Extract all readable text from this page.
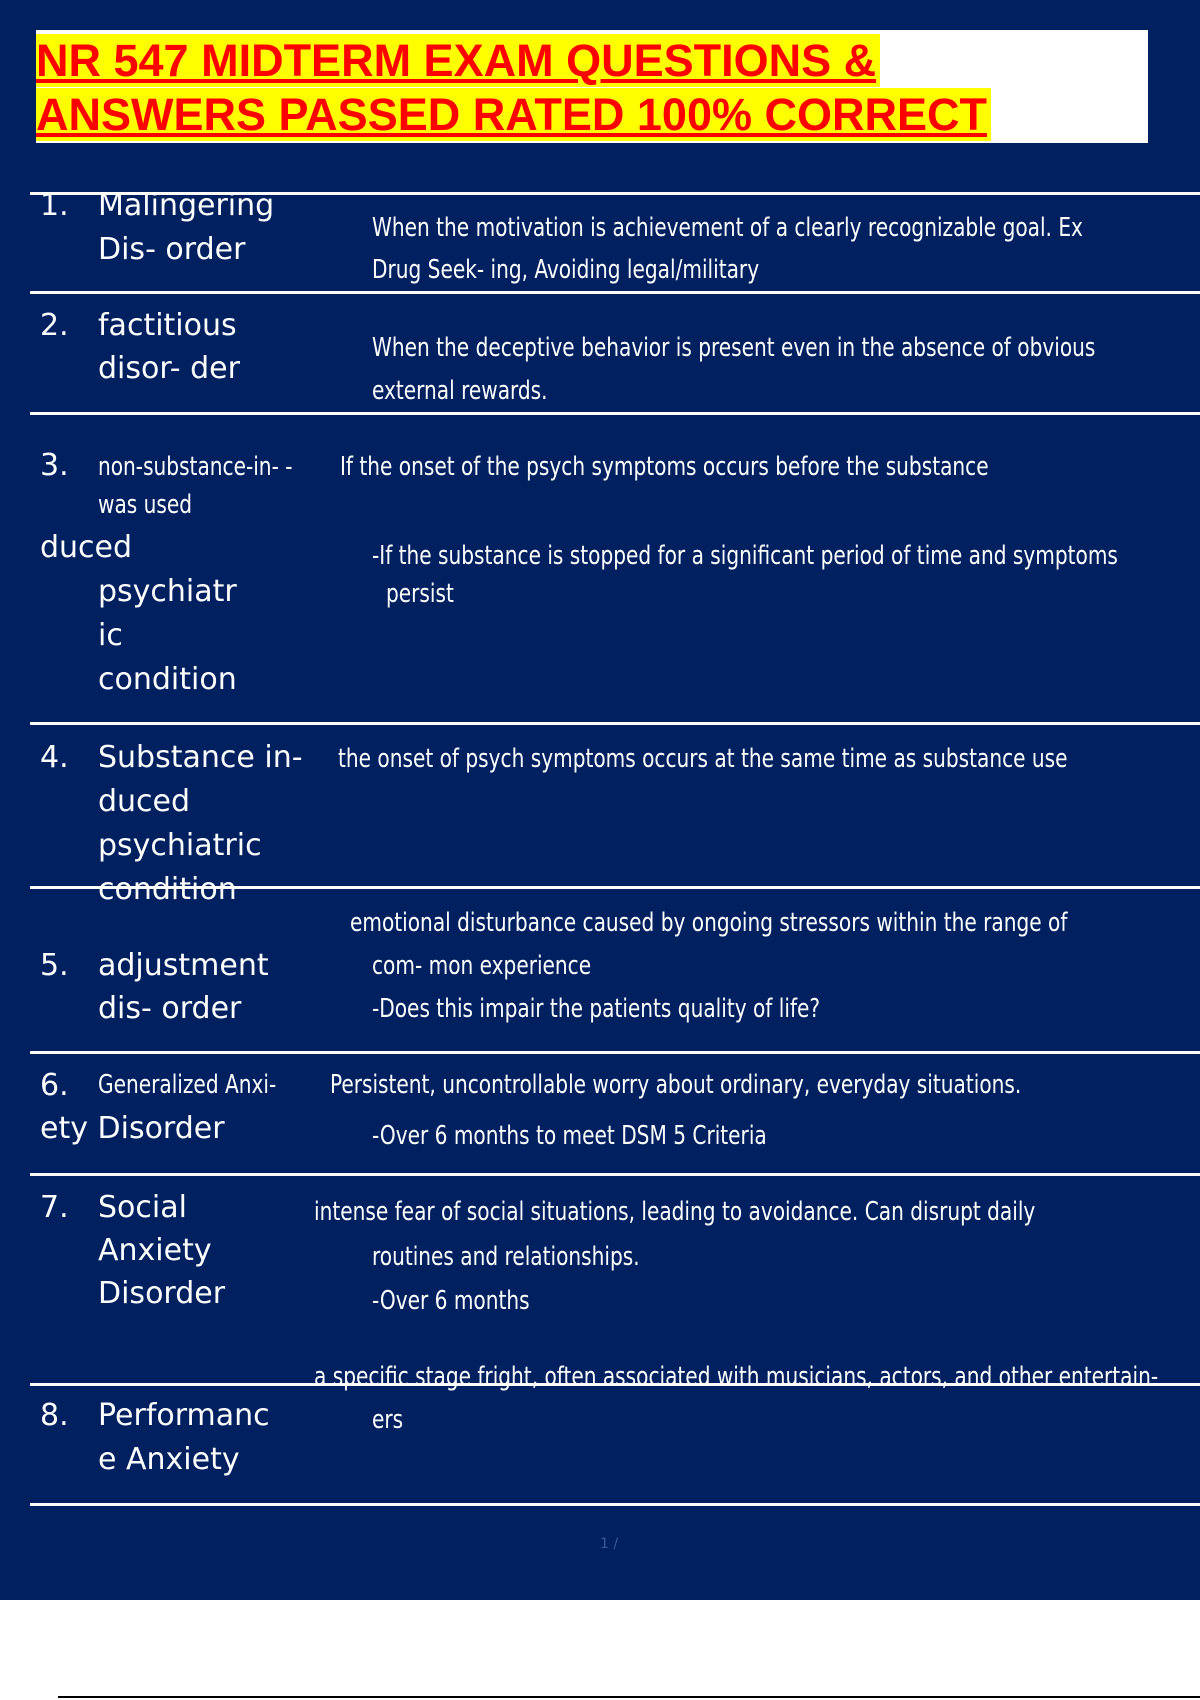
NR 547 MIDTERM EXAM QUESTIONS &
ANSWERS PASSED RATED 100% CORRECT
1. Malingering
Dis- order
When the motivation is achievement of a clearly recognizable goal. Ex
Drug Seek- ing, Avoiding legal/military
2. factitious
disor- der
When the deceptive behavior is present even in the absence of obvious
external rewards.
3. non-substance-in- - If the onset of the psych symptoms occurs before the substance
was used
duced
psychiatr
ic
condition
-If the substance is stopped for a significant period of time and symptoms
persist
4. Substance in-
duced
psychiatric
condition
the onset of psych symptoms occurs at the same time as substance use
emotional disturbance caused by ongoing stressors within the range of
5. adjustment
dis- order
com- mon experience
-Does this impair the patients quality of life?
6. Generalized Anxi- Persistent, uncontrollable worry about ordinary, everyday situations.
ety Disorder	-Over 6 months to meet DSM 5 Criteria
7. Social
Anxiety
Disorder
intense fear of social situations, leading to avoidance. Can disrupt daily
routines and relationships.
-Over 6 months
a specific stage fright, often associated with musicians, actors, and other entertain-
8. Performanc
e Anxiety
ers
1 /
